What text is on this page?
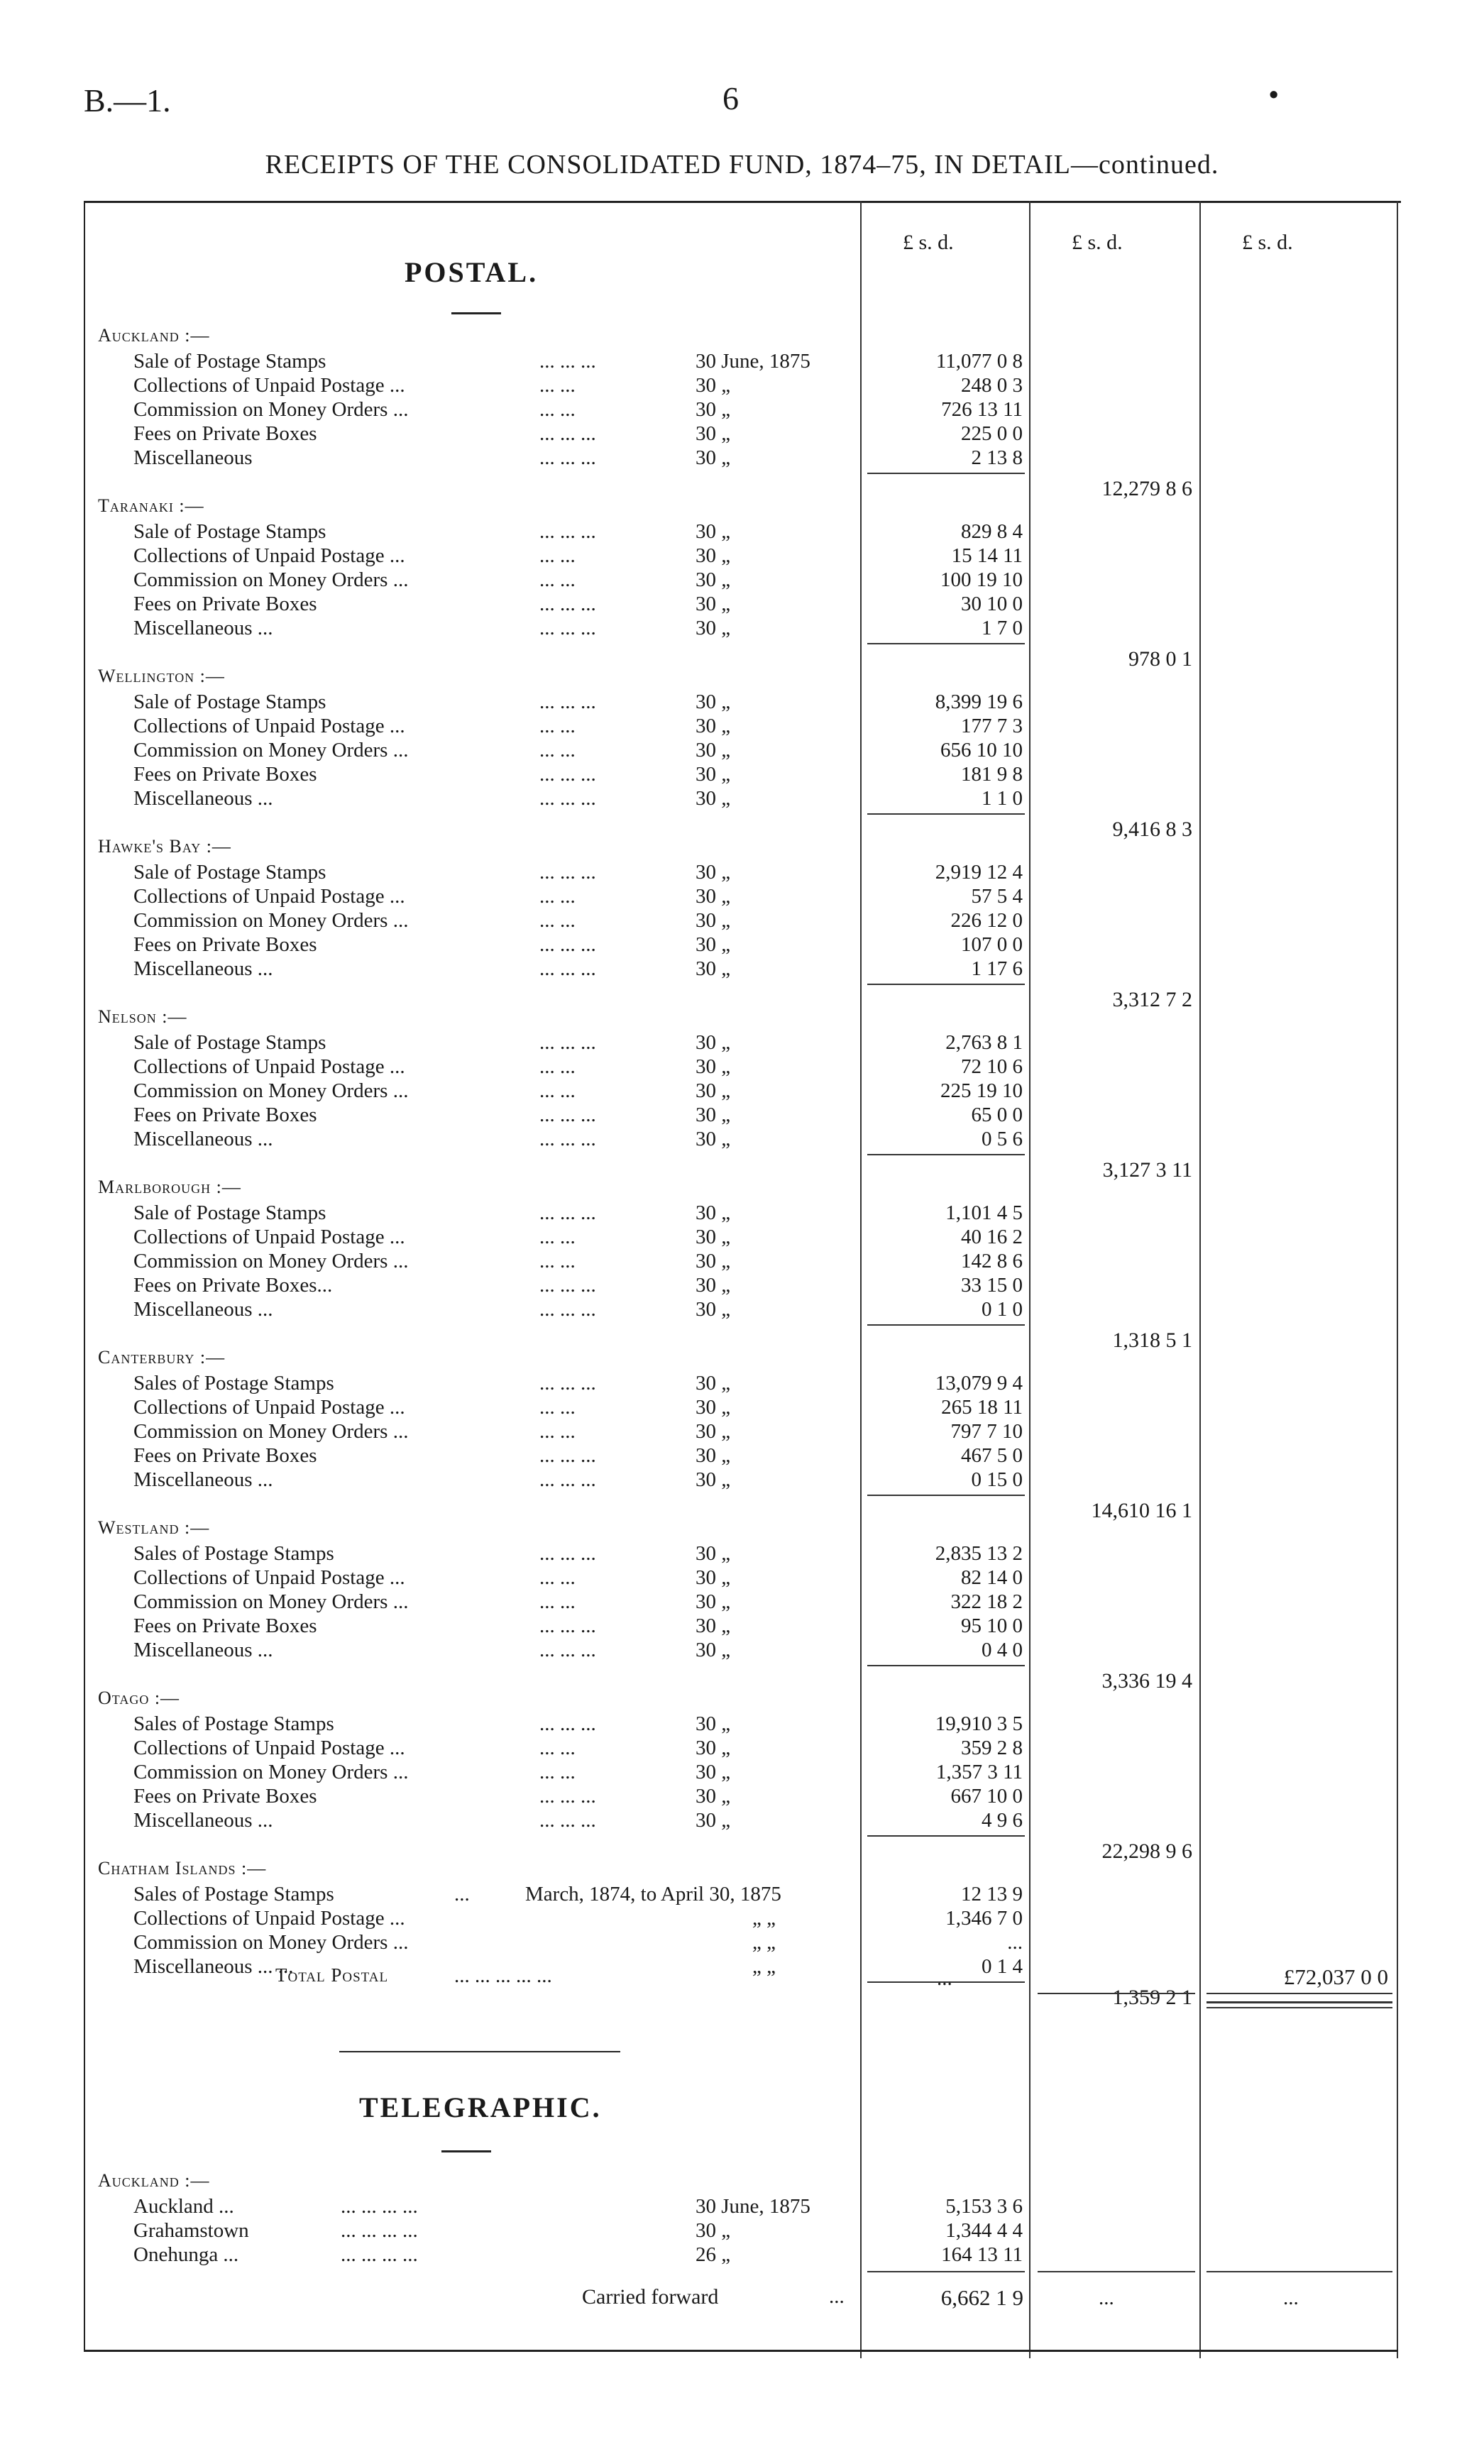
B.—1.	6	•
RECEIPTS OF THE CONSOLIDATED FUND, 1874–75, IN DETAIL—continued.
£ s. d.	£ s. d.	£ s. d.
POSTAL.
Auckland :—
Sale of Postage Stamps	... ... ...	30 June, 1875	11,077 0 8
Collections of Unpaid Postage ...	... ...	30 „	248 0 3
Commission on Money Orders ...	... ...	30 „	726 13 11
Fees on Private Boxes	... ... ...	30 „	225 0 0
Miscellaneous	... ... ...	30 „	2 13 8
12,279 8 6
Taranaki :—
Sale of Postage Stamps	... ... ...	30 „	829 8 4
Collections of Unpaid Postage ...	... ...	30 „	15 14 11
Commission on Money Orders ...	... ...	30 „	100 19 10
Fees on Private Boxes	... ... ...	30 „	30 10 0
Miscellaneous ...	... ... ...	30 „	1 7 0
978 0 1
Wellington :—
Sale of Postage Stamps	... ... ...	30 „	8,399 19 6
Collections of Unpaid Postage ...	... ...	30 „	177 7 3
Commission on Money Orders ...	... ...	30 „	656 10 10
Fees on Private Boxes	... ... ...	30 „	181 9 8
Miscellaneous ...	... ... ...	30 „	1 1 0
9,416 8 3
Hawke's Bay :—
Sale of Postage Stamps	... ... ...	30 „	2,919 12 4
Collections of Unpaid Postage ...	... ...	30 „	57 5 4
Commission on Money Orders ...	... ...	30 „	226 12 0
Fees on Private Boxes	... ... ...	30 „	107 0 0
Miscellaneous ...	... ... ...	30 „	1 17 6
3,312 7 2
Nelson :—
Sale of Postage Stamps	... ... ...	30 „	2,763 8 1
Collections of Unpaid Postage ...	... ...	30 „	72 10 6
Commission on Money Orders ...	... ...	30 „	225 19 10
Fees on Private Boxes	... ... ...	30 „	65 0 0
Miscellaneous ...	... ... ...	30 „	0 5 6
3,127 3 11
Marlborough :—
Sale of Postage Stamps	... ... ...	30 „	1,101 4 5
Collections of Unpaid Postage ...	... ...	30 „	40 16 2
Commission on Money Orders ...	... ...	30 „	142 8 6
Fees on Private Boxes...	... ... ...	30 „	33 15 0
Miscellaneous ...	... ... ...	30 „	0 1 0
1,318 5 1
Canterbury :—
Sales of Postage Stamps	... ... ...	30 „	13,079 9 4
Collections of Unpaid Postage ...	... ...	30 „	265 18 11
Commission on Money Orders ...	... ...	30 „	797 7 10
Fees on Private Boxes	... ... ...	30 „	467 5 0
Miscellaneous ...	... ... ...	30 „	0 15 0
14,610 16 1
Westland :—
Sales of Postage Stamps	... ... ...	30 „	2,835 13 2
Collections of Unpaid Postage ...	... ...	30 „	82 14 0
Commission on Money Orders ...	... ...	30 „	322 18 2
Fees on Private Boxes	... ... ...	30 „	95 10 0
Miscellaneous ...	... ... ...	30 „	0 4 0
3,336 19 4
Otago :—
Sales of Postage Stamps	... ... ...	30 „	19,910 3 5
Collections of Unpaid Postage ...	... ...	30 „	359 2 8
Commission on Money Orders ...	... ...	30 „	1,357 3 11
Fees on Private Boxes	... ... ...	30 „	667 10 0
Miscellaneous ...	... ... ...	30 „	4 9 6
22,298 9 6
Chatham Islands :—
Sales of Postage Stamps	...	March, 1874, to April 30, 1875	12 13 9
Collections of Unpaid Postage ...	„ „	1,346 7 0
Commission on Money Orders ...	„ „	...
Miscellaneous ... ...	„ „	0 1 4
1,359 2 1
Total Postal	... ... ... ... ...	...	£72,037 0 0
TELEGRAPHIC.
Auckland :—
Auckland ...	... ... ... ...	30 June, 1875	5,153 3 6
Grahamstown	... ... ... ...	30 „	1,344 4 4
Onehunga ...	... ... ... ...	26 „	164 13 11
Carried forward	...	6,662 1 9	...	...
